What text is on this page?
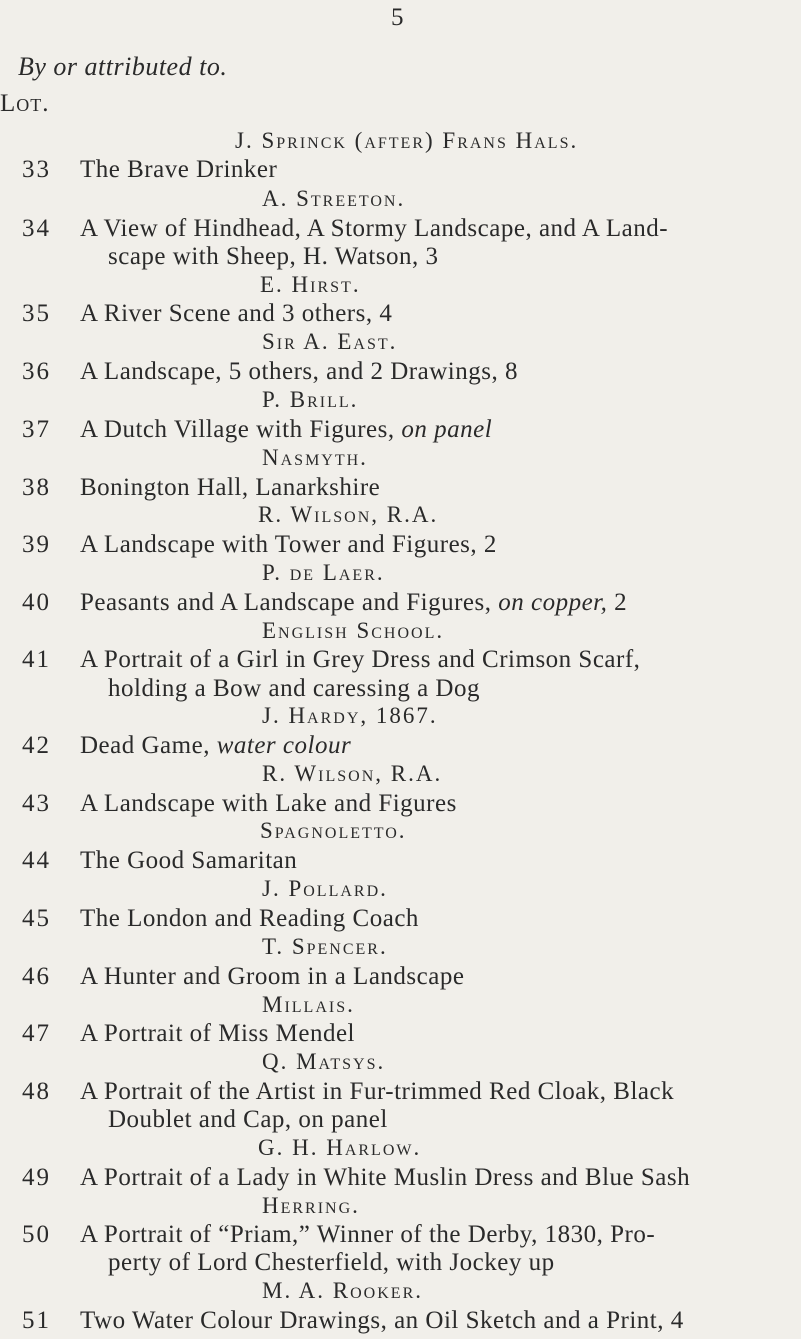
5
By or attributed to.
Lot.
J. Sprinck (after) Frans Hals.
33 The Brave Drinker
A. Streeton.
34 A View of Hindhead, A Stormy Landscape, and A Land-
scape with Sheep, H. Watson, 3
E. Hirst.
35 A River Scene and 3 others, 4
Sir A. East.
36 A Landscape, 5 others, and 2 Drawings, 8
P. Brill.
37 A Dutch Village with Figures, on panel
Nasmyth.
38 Bonington Hall, Lanarkshire
R. Wilson, R.A.
39 A Landscape with Tower and Figures, 2
P. de Laer.
40 Peasants and A Landscape and Figures, on copper, 2
English School.
41 A Portrait of a Girl in Grey Dress and Crimson Scarf,
holding a Bow and caressing a Dog
J. Hardy, 1867.
42 Dead Game, water colour
R. Wilson, R.A.
43 A Landscape with Lake and Figures
Spagnoletto.
44 The Good Samaritan
J. Pollard.
45 The London and Reading Coach
T. Spencer.
46 A Hunter and Groom in a Landscape
Millais.
47 A Portrait of Miss Mendel
Q. Matsys.
48 A Portrait of the Artist in Fur-trimmed Red Cloak, Black
Doublet and Cap, on panel
G. H. Harlow.
49 A Portrait of a Lady in White Muslin Dress and Blue Sash
Herring.
50 A Portrait of “Priam,” Winner of the Derby, 1830, Pro-
perty of Lord Chesterfield, with Jockey up
M. A. Rooker.
51 Two Water Colour Drawings, an Oil Sketch and a Print, 4
